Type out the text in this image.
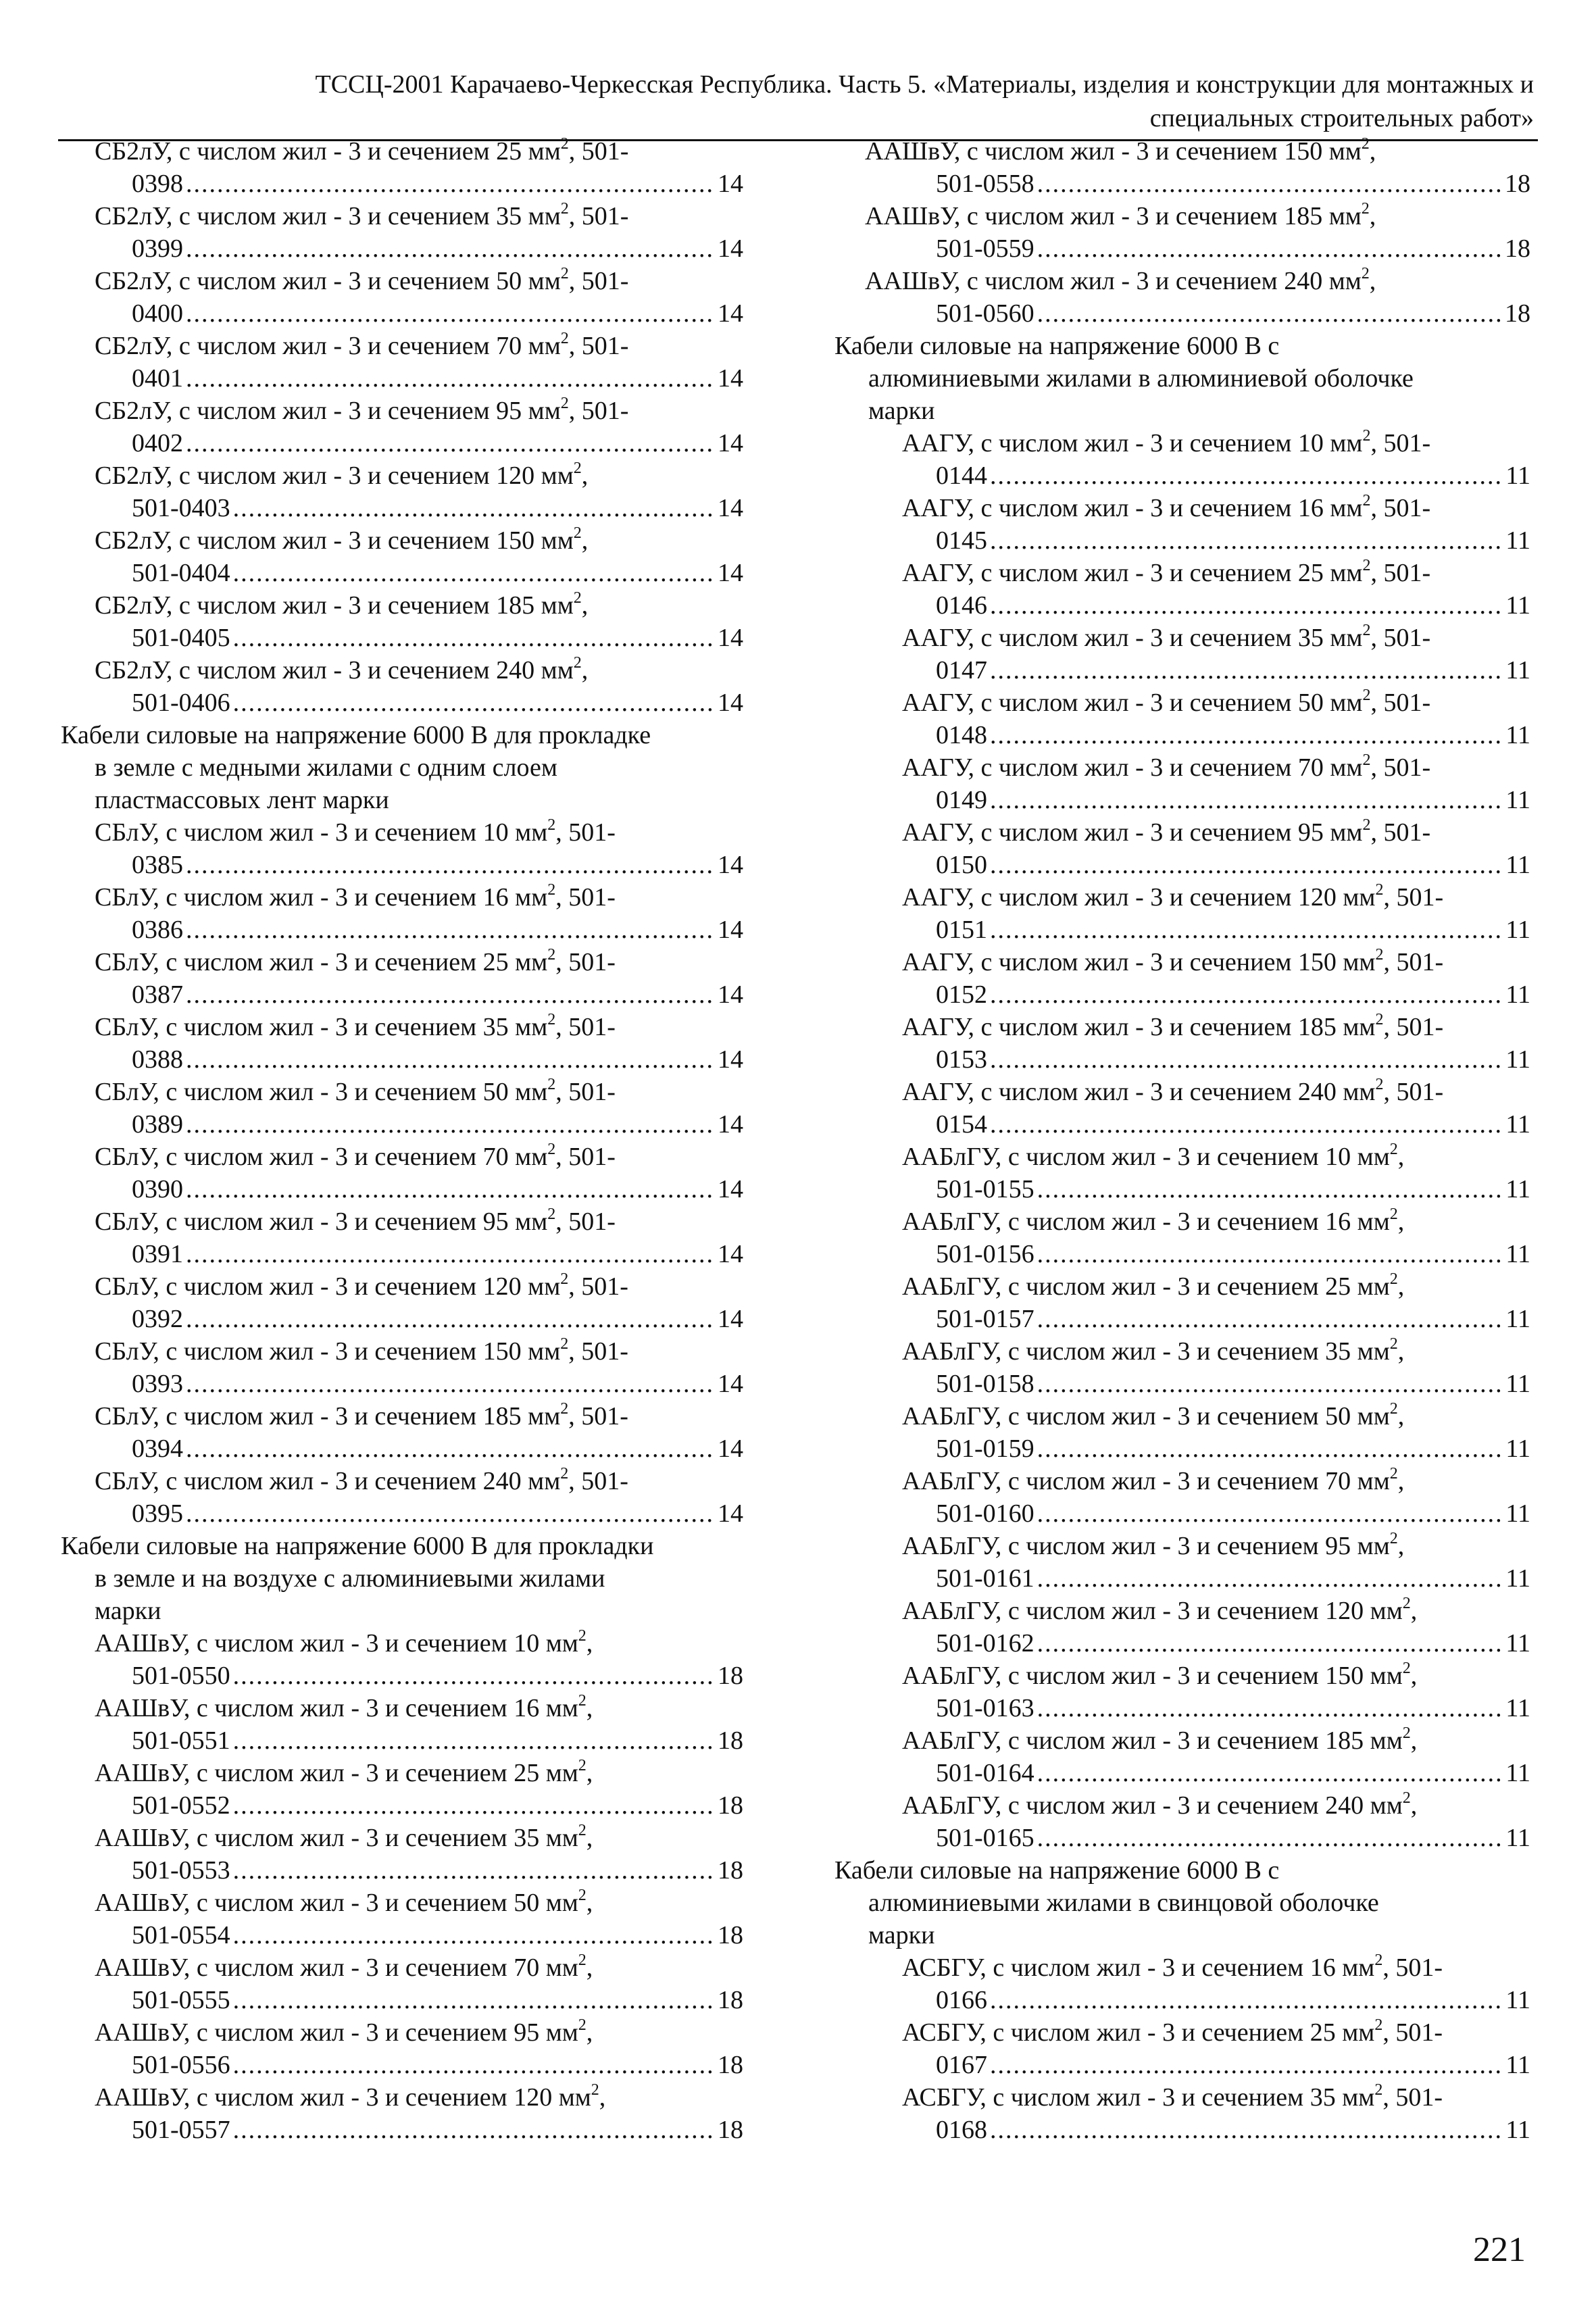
ТССЦ-2001 Карачаево-Черкесская Республика. Часть 5. «Материалы, изделия и конструкции для монтажных и
специальных строительных работ»
СБ2лУ, с числом жил - 3 и сечением 25 $мм^2$, 501-
0398 .....	14
СБ2лУ, с числом жил - 3 и сечением 35 $мм^2$, 501-
0399 .....	14
СБ2лУ, с числом жил - 3 и сечением 50 $мм^2$, 501-
0400 .....	14
СБ2лУ, с числом жил - 3 и сечением 70 $мм^2$, 501-
0401 .....	14
СБ2лУ, с числом жил - 3 и сечением 95 $мм^2$, 501-
0402 .....	14
СБ2лУ, с числом жил - 3 и сечением 120 $мм^2$,
501-0403 .....	14
СБ2лУ, с числом жил - 3 и сечением 150 $мм^2$,
501-0404 .....	14
СБ2лУ, с числом жил - 3 и сечением 185 $мм^2$,
501-0405 .....	14
СБ2лУ, с числом жил - 3 и сечением 240 $мм^2$,
501-0406 .....	14
Кабели силовые на напряжение 6000 В для прокладке
в земле с медными жилами с одним слоем
пластмассовых лент марки
СБлУ, с числом жил - 3 и сечением 10 $мм^2$, 501-
0385 .....	14
СБлУ, с числом жил - 3 и сечением 16 $мм^2$, 501-
0386 .....	14
СБлУ, с числом жил - 3 и сечением 25 $мм^2$, 501-
0387 .....	14
СБлУ, с числом жил - 3 и сечением 35 $мм^2$, 501-
0388 .....	14
СБлУ, с числом жил - 3 и сечением 50 $мм^2$, 501-
0389 .....	14
СБлУ, с числом жил - 3 и сечением 70 $мм^2$, 501-
0390 .....	14
СБлУ, с числом жил - 3 и сечением 95 $мм^2$, 501-
0391 .....	14
СБлУ, с числом жил - 3 и сечением 120 $мм^2$, 501-
0392 .....	14
СБлУ, с числом жил - 3 и сечением 150 $мм^2$, 501-
0393 .....	14
СБлУ, с числом жил - 3 и сечением 185 $мм^2$, 501-
0394 .....	14
СБлУ, с числом жил - 3 и сечением 240 $мм^2$, 501-
0395 .....	14
Кабели силовые на напряжение 6000 В для прокладки
в земле и на воздухе с алюминиевыми жилами
марки
ААШвУ, с числом жил - 3 и сечением 10 $мм^2$,
501-0550 .....	18
ААШвУ, с числом жил - 3 и сечением 16 $мм^2$,
501-0551 .....	18
ААШвУ, с числом жил - 3 и сечением 25 $мм^2$,
501-0552 .....	18
ААШвУ, с числом жил - 3 и сечением 35 $мм^2$,
501-0553 .....	18
ААШвУ, с числом жил - 3 и сечением 50 $мм^2$,
501-0554 .....	18
ААШвУ, с числом жил - 3 и сечением 70 $мм^2$,
501-0555 .....	18
ААШвУ, с числом жил - 3 и сечением 95 $мм^2$,
501-0556 .....	18
ААШвУ, с числом жил - 3 и сечением 120 $мм^2$,
501-0557 .....	18
ААШвУ, с числом жил - 3 и сечением 150 $мм^2$,
501-0558 .....	18
ААШвУ, с числом жил - 3 и сечением 185 $мм^2$,
501-0559 .....	18
ААШвУ, с числом жил - 3 и сечением 240 $мм^2$,
501-0560 .....	18
Кабели силовые на напряжение 6000 В с
алюминиевыми жилами в алюминиевой оболочке
марки
ААГУ, с числом жил - 3 и сечением 10 $мм^2$, 501-
0144 .....	11
ААГУ, с числом жил - 3 и сечением 16 $мм^2$, 501-
0145 .....	11
ААГУ, с числом жил - 3 и сечением 25 $мм^2$, 501-
0146 .....	11
ААГУ, с числом жил - 3 и сечением 35 $мм^2$, 501-
0147 .....	11
ААГУ, с числом жил - 3 и сечением 50 $мм^2$, 501-
0148 .....	11
ААГУ, с числом жил - 3 и сечением 70 $мм^2$, 501-
0149 .....	11
ААГУ, с числом жил - 3 и сечением 95 $мм^2$, 501-
0150 .....	11
ААГУ, с числом жил - 3 и сечением 120 $мм^2$, 501-
0151 .....	11
ААГУ, с числом жил - 3 и сечением 150 $мм^2$, 501-
0152 .....	11
ААГУ, с числом жил - 3 и сечением 185 $мм^2$, 501-
0153 .....	11
ААГУ, с числом жил - 3 и сечением 240 $мм^2$, 501-
0154 .....	11
ААБлГУ, с числом жил - 3 и сечением 10 $мм^2$,
501-0155 .....	11
ААБлГУ, с числом жил - 3 и сечением 16 $мм^2$,
501-0156 .....	11
ААБлГУ, с числом жил - 3 и сечением 25 $мм^2$,
501-0157 .....	11
ААБлГУ, с числом жил - 3 и сечением 35 $мм^2$,
501-0158 .....	11
ААБлГУ, с числом жил - 3 и сечением 50 $мм^2$,
501-0159 .....	11
ААБлГУ, с числом жил - 3 и сечением 70 $мм^2$,
501-0160 .....	11
ААБлГУ, с числом жил - 3 и сечением 95 $мм^2$,
501-0161 .....	11
ААБлГУ, с числом жил - 3 и сечением 120 $мм^2$,
501-0162 .....	11
ААБлГУ, с числом жил - 3 и сечением 150 $мм^2$,
501-0163 .....	11
ААБлГУ, с числом жил - 3 и сечением 185 $мм^2$,
501-0164 .....	11
ААБлГУ, с числом жил - 3 и сечением 240 $мм^2$,
501-0165 .....	11
Кабели силовые на напряжение 6000 В с
алюминиевыми жилами в свинцовой оболочке
марки
АСБГУ, с числом жил - 3 и сечением 16 $мм^2$, 501-
0166 .....	11
АСБГУ, с числом жил - 3 и сечением 25 $мм^2$, 501-
0167 .....	11
АСБГУ, с числом жил - 3 и сечением 35 $мм^2$, 501-
0168 .....	11
221
